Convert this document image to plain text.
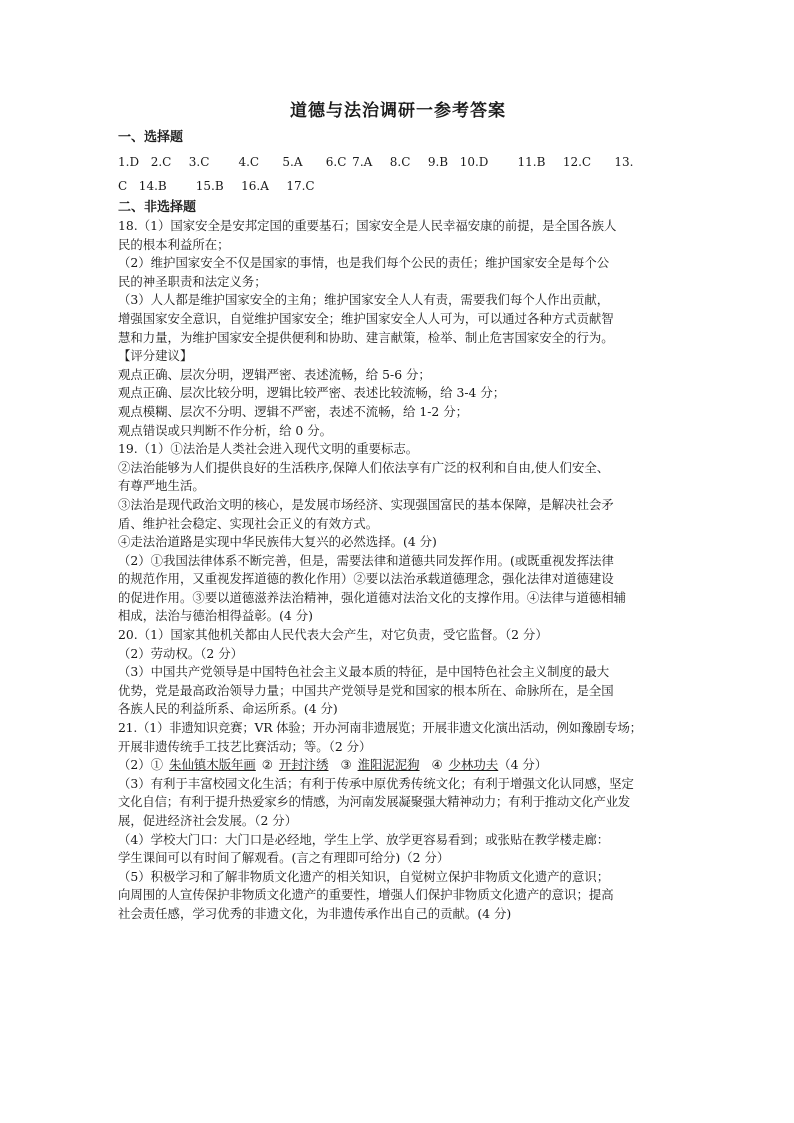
道德与法治调研一参考答案

一、选择题

1.D  2.C   3.C     4.C    5.A    6.C 7.A   8.C   9.B  10.D     11.B   12.C    13.

C  14.B     15.B   16.A   17.C

二、非选择题

18.（1）国家安全是安邦定国的重要基石；国家安全是人民幸福安康的前提，是全国各族人

民的根本利益所在；

（2）维护国家安全不仅是国家的事情，也是我们每个公民的责任；维护国家安全是每个公

民的神圣职责和法定义务；

（3）人人都是维护国家安全的主角；维护国家安全人人有责，需要我们每个人作出贡献，

增强国家安全意识，自觉维护国家安全；维护国家安全人人可为，可以通过各种方式贡献智

慧和力量，为维护国家安全提供便利和协助、建言献策，检举、制止危害国家安全的行为。

【评分建议】

观点正确、层次分明，逻辑严密、表述流畅，给 5-6 分；

观点正确、层次比较分明，逻辑比较严密、表述比较流畅，给 3-4 分；

观点模糊、层次不分明、逻辑不严密，表述不流畅，给 1-2 分；

观点错误或只判断不作分析，给 0 分。

19.（1）①法治是人类社会进入现代文明的重要标志。

②法治能够为人们提供良好的生活秩序,保障人们依法享有广泛的权利和自由,使人们安全、

有尊严地生活。

③法治是现代政治文明的核心，是发展市场经济、实现强国富民的基本保障，是解决社会矛

盾、维护社会稳定、实现社会正义的有效方式。

④走法治道路是实现中华民族伟大复兴的必然选择。(4 分)

（2）①我国法律体系不断完善，但是，需要法律和道德共同发挥作用。(或既重视发挥法律

的规范作用，又重视发挥道德的教化作用）②要以法治承载道德理念，强化法律对道德建设

的促进作用。③要以道德滋养法治精神，强化道德对法治文化的支撑作用。④法律与道德相辅

相成，法治与德治相得益彰。(4 分)

20.（1）国家其他机关都由人民代表大会产生，对它负责，受它监督。（2 分）

（2）劳动权。（2 分）

（3）中国共产党领导是中国特色社会主义最本质的特征，是中国特色社会主义制度的最大

优势，党是最高政治领导力量；中国共产党领导是党和国家的根本所在、命脉所在，是全国

各族人民的利益所系、命运所系。(4 分)

21.（1）非遗知识竞赛；VR 体验；开办河南非遗展览；开展非遗文化演出活动，例如豫剧专场；

开展非遗传统手工技艺比赛活动；等。（2 分）

（2）① 朱仙镇木版年画 ② 开封汴绣 ③ 淮阳泥泥狗 ④ 少林功夫（4 分）

（3）有利于丰富校园文化生活；有利于传承中原优秀传统文化；有利于增强文化认同感，坚定

文化自信；有利于提升热爱家乡的情感，为河南发展凝聚强大精神动力；有利于推动文化产业发

展，促进经济社会发展。（2 分）

（4）学校大门口：大门口是必经地，学生上学、放学更容易看到；或张贴在教学楼走廊：

学生课间可以有时间了解观看。(言之有理即可给分)（2 分）

（5）积极学习和了解非物质文化遗产的相关知识，自觉树立保护非物质文化遗产的意识；

向周围的人宣传保护非物质文化遗产的重要性，增强人们保护非物质文化遗产的意识；提高

社会责任感，学习优秀的非遗文化，为非遗传承作出自己的贡献。(4 分)
